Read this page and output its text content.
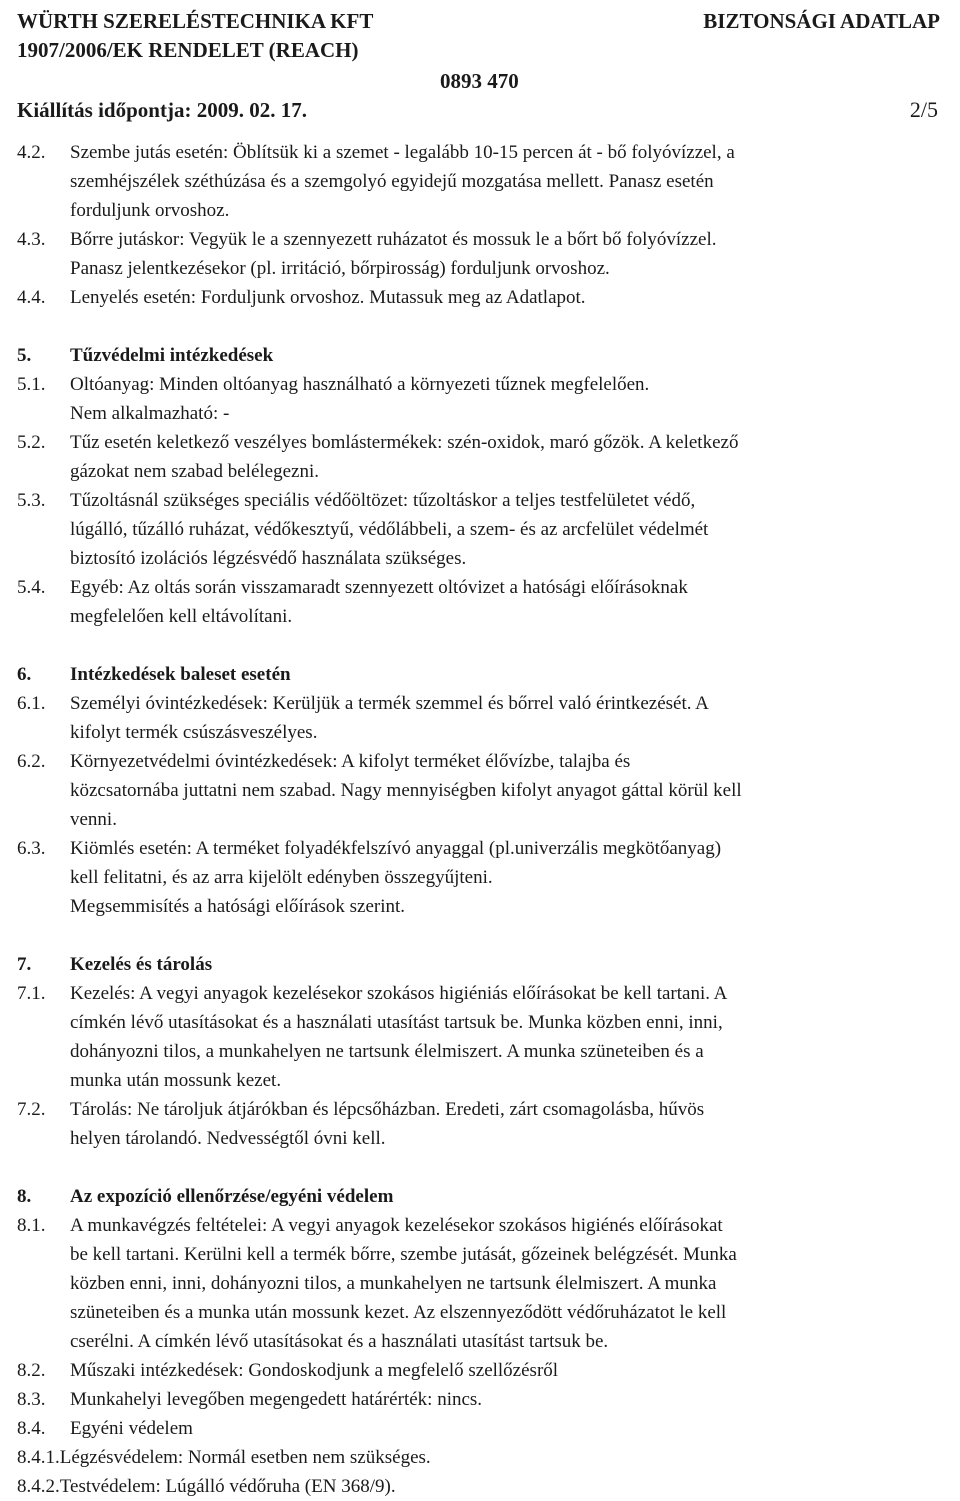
WÜRTH SZERELÉSTECHNIKA KFT	BIZTONSÁGI ADATLAP
1907/2006/EK RENDELET (REACH)
0893 470
Kiállítás időpontja: 2009. 02. 17.	2/5
4.2.	Szembe jutás esetén: Öblítsük ki a szemet - legalább 10-15 percen át - bő folyóvízzel, a
szemhéjszélek széthúzása és a szemgolyó egyidejű mozgatása mellett. Panasz esetén
forduljunk orvoshoz.
4.3.	Bőrre jutáskor: Vegyük le a szennyezett ruházatot és mossuk le a bőrt bő folyóvízzel.
Panasz jelentkezésekor (pl. irritáció, bőrpirosság) forduljunk orvoshoz.
4.4.	Lenyelés esetén: Forduljunk orvoshoz. Mutassuk meg az Adatlapot.
5.	Tűzvédelmi intézkedések
5.1.	Oltóanyag: Minden oltóanyag használható a környezeti tűznek megfelelően.
Nem alkalmazható: -
5.2.	Tűz esetén keletkező veszélyes bomlástermékek: szén-oxidok, maró gőzök. A keletkező
gázokat nem szabad belélegezni.
5.3.	Tűzoltásnál szükséges speciális védőöltözet: tűzoltáskor a teljes testfelületet védő,
lúgálló, tűzálló ruházat, védőkesztyű, védőlábbeli, a szem- és az arcfelület védelmét
biztosító izolációs légzésvédő használata szükséges.
5.4.	Egyéb: Az oltás során visszamaradt szennyezett oltóvizet a hatósági előírásoknak
megfelelően kell eltávolítani.
6.	Intézkedések baleset esetén
6.1.	Személyi óvintézkedések: Kerüljük a termék szemmel és bőrrel való érintkezését. A
kifolyt termék csúszásveszélyes.
6.2.	Környezetvédelmi óvintézkedések: A kifolyt terméket élővízbe, talajba és
közcsatornába juttatni nem szabad. Nagy mennyiségben kifolyt anyagot gáttal körül kell
venni.
6.3.	Kiömlés esetén: A terméket folyadékfelszívó anyaggal (pl.univerzális megkötőanyag)
kell felitatni, és az arra kijelölt edényben összegyűjteni.
Megsemmisítés a hatósági előírások szerint.
7.	Kezelés és tárolás
7.1.	Kezelés: A vegyi anyagok kezelésekor szokásos higiéniás előírásokat be kell tartani. A
címkén lévő utasításokat és a használati utasítást tartsuk be. Munka közben enni, inni,
dohányozni tilos, a munkahelyen ne tartsunk élelmiszert. A munka szüneteiben és a
munka után mossunk kezet.
7.2.	Tárolás: Ne tároljuk átjárókban és lépcsőházban. Eredeti, zárt csomagolásba, hűvös
helyen tárolandó. Nedvességtől óvni kell.
8.	Az expozíció ellenőrzése/egyéni védelem
8.1.	A munkavégzés feltételei: A vegyi anyagok kezelésekor szokásos higiénés előírásokat
be kell tartani. Kerülni kell a termék bőrre, szembe jutását, gőzeinek belégzését. Munka
közben enni, inni, dohányozni tilos, a munkahelyen ne tartsunk élelmiszert. A munka
szüneteiben és a munka után mossunk kezet. Az elszennyeződött védőruházatot le kell
cserélni. A címkén lévő utasításokat és a használati utasítást tartsuk be.
8.2.	Műszaki intézkedések: Gondoskodjunk a megfelelő szellőzésről
8.3.	Munkahelyi levegőben megengedett határérték: nincs.
8.4.	Egyéni védelem
8.4.1.Légzésvédelem: Normál esetben nem szükséges.
8.4.2.Testvédelem: Lúgálló védőruha (EN 368/9).
